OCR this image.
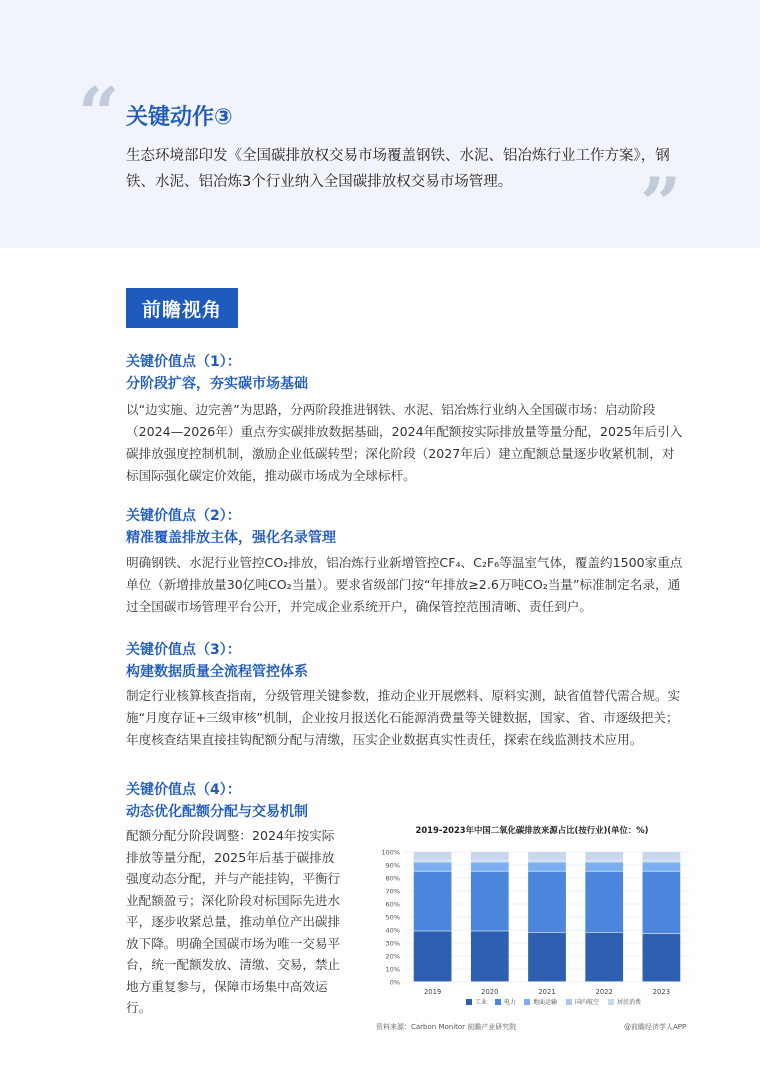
“ 关键动作③
生态环境部印发《全国碳排放权交易市场覆盖钢铁、水泥、铝冶炼行业工作方案》，钢铁、水泥、铝冶炼3个行业纳入全国碳排放权交易市场管理。	”
前瞻视角
关键价值点（1）：
分阶段扩容，夯实碳市场基础
以“边实施、边完善”为思路，分两阶段推进钢铁、水泥、铝冶炼行业纳入全国碳市场：启动阶段（2024—2026年）重点夯实碳排放数据基础，2024年配额按实际排放量等量分配，2025年后引入碳排放强度控制机制，激励企业低碳转型；深化阶段（2027年后）建立配额总量逐步收紧机制，对标国际强化碳定价效能，推动碳市场成为全球标杆。
关键价值点（2）：
精准覆盖排放主体，强化名录管理
明确钢铁、水泥行业管控CO₂排放，铝冶炼行业新增管控CF₄、C₂F₆等温室气体，覆盖约1500家重点单位（新增排放量30亿吨CO₂当量）。要求省级部门按“年排放≥2.6万吨CO₂当量”标准制定名录，通过全国碳市场管理平台公开，并完成企业系统开户，确保管控范围清晰、责任到户。
关键价值点（3）：
构建数据质量全流程管控体系
制定行业核算核查指南，分级管理关键参数，推动企业开展燃料、原料实测，缺省值替代需合规。实施“月度存证+三级审核”机制，企业按月报送化石能源消费量等关键数据，国家、省、市逐级把关；年度核查结果直接挂钩配额分配与清缴，压实企业数据真实性责任，探索在线监测技术应用。
关键价值点（4）：
动态优化配额分配与交易机制
配额分配分阶段调整：2024年按实际排放等量分配，2025年后基于碳排放强度动态分配，并与产能挂钩，平衡行业配额盈亏；深化阶段对标国际先进水平，逐步收紧总量，推动单位产出碳排放下降。明确全国碳市场为唯一交易平台，统一配额发放、清缴、交易，禁止地方重复参与，保障市场集中高效运行。
2019-2023年中国二氧化碳排放来源占比(按行业)(单位：%)
0%
10%
20%
30%
40%
50%
60%
70%
80%
90%
100%
2019	2020	2021	2022	2023
工业	电力	地面运输	国内航空	居民消费
资料来源：Carbon Monitor 前瞻产业研究院	@前瞻经济学人APP
